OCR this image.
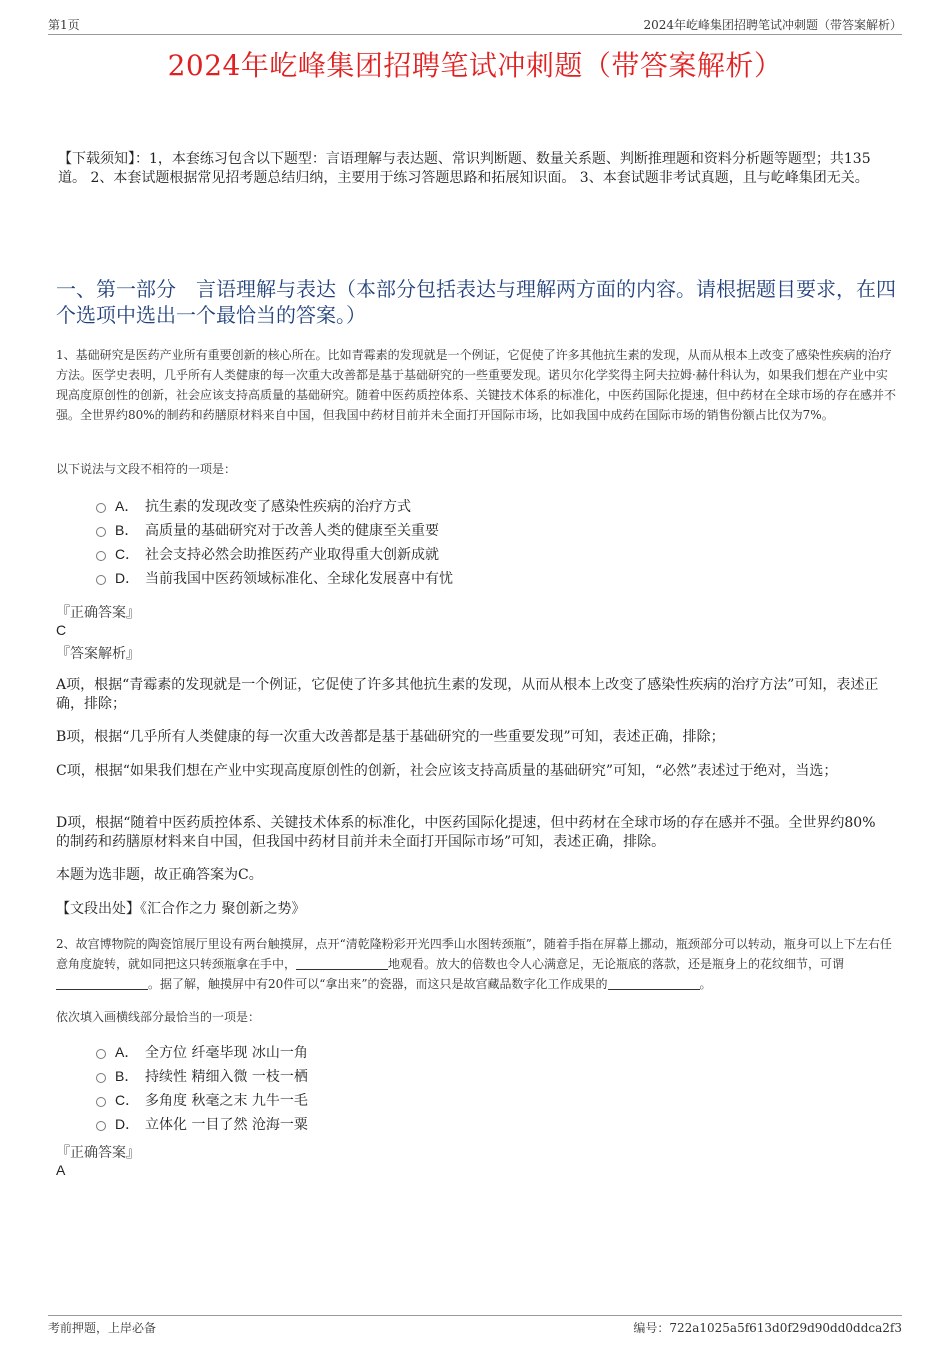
第1页	2024年屹峰集团招聘笔试冲刺题（带答案解析）
2024年屹峰集团招聘笔试冲刺题（带答案解析）
【下载须知】：1，本套练习包含以下题型：言语理解与表达题、常识判断题、数量关系题、判断推理题和资料分析题等题型；共135道。 2、本套试题根据常见招考题总结归纳，主要用于练习答题思路和拓展知识面。 3、本套试题非考试真题，且与屹峰集团无关。
一、第一部分　言语理解与表达（本部分包括表达与理解两方面的内容。请根据题目要求，在四个选项中选出一个最恰当的答案。）
1、基础研究是医药产业所有重要创新的核心所在。比如青霉素的发现就是一个例证，它促使了许多其他抗生素的发现，从而从根本上改变了感染性疾病的治疗方法。医学史表明，几乎所有人类健康的每一次重大改善都是基于基础研究的一些重要发现。诺贝尔化学奖得主阿夫拉姆·赫什科认为，如果我们想在产业中实现高度原创性的创新，社会应该支持高质量的基础研究。随着中医药质控体系、关键技术体系的标准化，中医药国际化提速，但中药材在全球市场的存在感并不强。全世界约80%的制药和药膳原材料来自中国，但我国中药材目前并未全面打开国际市场，比如我国中成药在国际市场的销售份额占比仅为7%。
以下说法与文段不相符的一项是：
A． 抗生素的发现改变了感染性疾病的治疗方式
B． 高质量的基础研究对于改善人类的健康至关重要
C． 社会支持必然会助推医药产业取得重大创新成就
D． 当前我国中医药领域标准化、全球化发展喜中有忧
『正确答案』
C
『答案解析』
A项，根据“青霉素的发现就是一个例证，它促使了许多其他抗生素的发现，从而从根本上改变了感染性疾病的治疗方法”可知，表述正确，排除；
B项，根据“几乎所有人类健康的每一次重大改善都是基于基础研究的一些重要发现”可知，表述正确，排除；
C项，根据“如果我们想在产业中实现高度原创性的创新，社会应该支持高质量的基础研究”可知，“必然”表述过于绝对，当选；
D项，根据“随着中医药质控体系、关键技术体系的标准化，中医药国际化提速，但中药材在全球市场的存在感并不强。全世界约80%的制药和药膳原材料来自中国，但我国中药材目前并未全面打开国际市场”可知，表述正确，排除。
本题为选非题，故正确答案为C。
【文段出处】《汇合作之力 聚创新之势》
2、故宫博物院的陶瓷馆展厅里设有两台触摸屏，点开“清乾隆粉彩开光四季山水图转颈瓶”，随着手指在屏幕上挪动，瓶颈部分可以转动，瓶身可以上下左右任意角度旋转，就如同把这只转颈瓶拿在手中，	地观看。放大的倍数也令人心满意足，无论瓶底的落款，还是瓶身上的花纹细节，可谓。据了解，触摸屏中有20件可以“拿出来”的瓷器，而这只是故宫藏品数字化工作成果的	。
依次填入画横线部分最恰当的一项是：
A． 全方位 纤毫毕现 冰山一角
B． 持续性 精细入微 一枝一栖
C． 多角度 秋毫之末 九牛一毛
D． 立体化 一目了然 沧海一粟
『正确答案』
A
考前押题，上岸必备	编号：722a1025a5f613d0f29d90dd0ddca2f3
